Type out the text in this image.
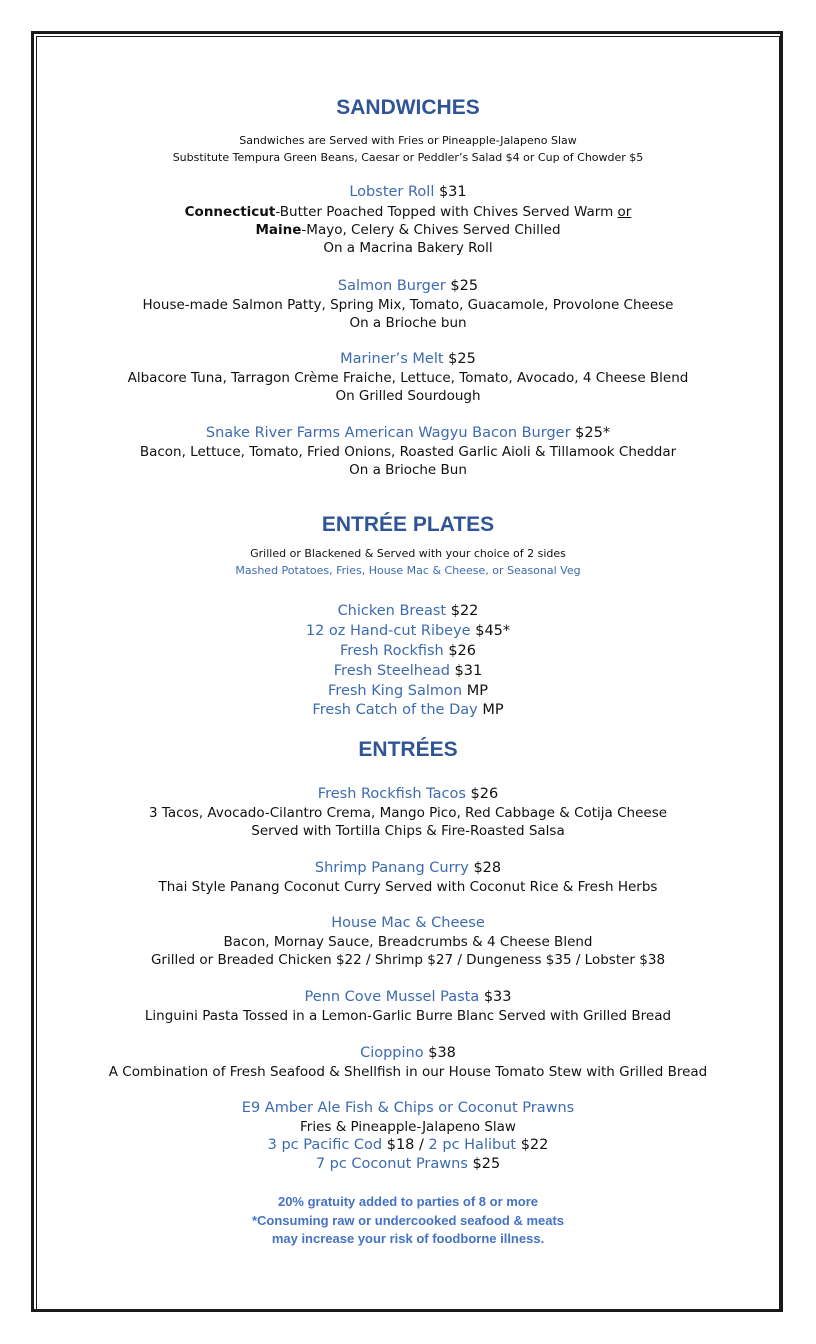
SANDWICHES
Sandwiches are Served with Fries or Pineapple-Jalapeno Slaw
Substitute Tempura Green Beans, Caesar or Peddler’s Salad $4 or Cup of Chowder $5
Lobster Roll $31
Connecticut-Butter Poached Topped with Chives Served Warm or
Maine-Mayo, Celery & Chives Served Chilled
On a Macrina Bakery Roll
Salmon Burger $25
House-made Salmon Patty, Spring Mix, Tomato, Guacamole, Provolone Cheese
On a Brioche bun
Mariner’s Melt $25
Albacore Tuna, Tarragon Crème Fraiche, Lettuce, Tomato, Avocado, 4 Cheese Blend
On Grilled Sourdough
Snake River Farms American Wagyu Bacon Burger $25*
Bacon, Lettuce, Tomato, Fried Onions, Roasted Garlic Aioli & Tillamook Cheddar
On a Brioche Bun
ENTRÉE PLATES
Grilled or Blackened & Served with your choice of 2 sides
Mashed Potatoes, Fries, House Mac & Cheese, or Seasonal Veg
Chicken Breast $22
12 oz Hand-cut Ribeye $45*
Fresh Rockfish $26
Fresh Steelhead $31
Fresh King Salmon MP
Fresh Catch of the Day MP
ENTRÉES
Fresh Rockfish Tacos $26
3 Tacos, Avocado-Cilantro Crema, Mango Pico, Red Cabbage & Cotija Cheese
Served with Tortilla Chips & Fire-Roasted Salsa
Shrimp Panang Curry $28
Thai Style Panang Coconut Curry Served with Coconut Rice & Fresh Herbs
House Mac & Cheese
Bacon, Mornay Sauce, Breadcrumbs & 4 Cheese Blend
Grilled or Breaded Chicken $22 / Shrimp $27 / Dungeness $35 / Lobster $38
Penn Cove Mussel Pasta $33
Linguini Pasta Tossed in a Lemon-Garlic Burre Blanc Served with Grilled Bread
Cioppino $38
A Combination of Fresh Seafood & Shellfish in our House Tomato Stew with Grilled Bread
E9 Amber Ale Fish & Chips or Coconut Prawns
Fries & Pineapple-Jalapeno Slaw
3 pc Pacific Cod $18 / 2 pc Halibut $22
7 pc Coconut Prawns $25
20% gratuity added to parties of 8 or more
*Consuming raw or undercooked seafood & meats
may increase your risk of foodborne illness.
